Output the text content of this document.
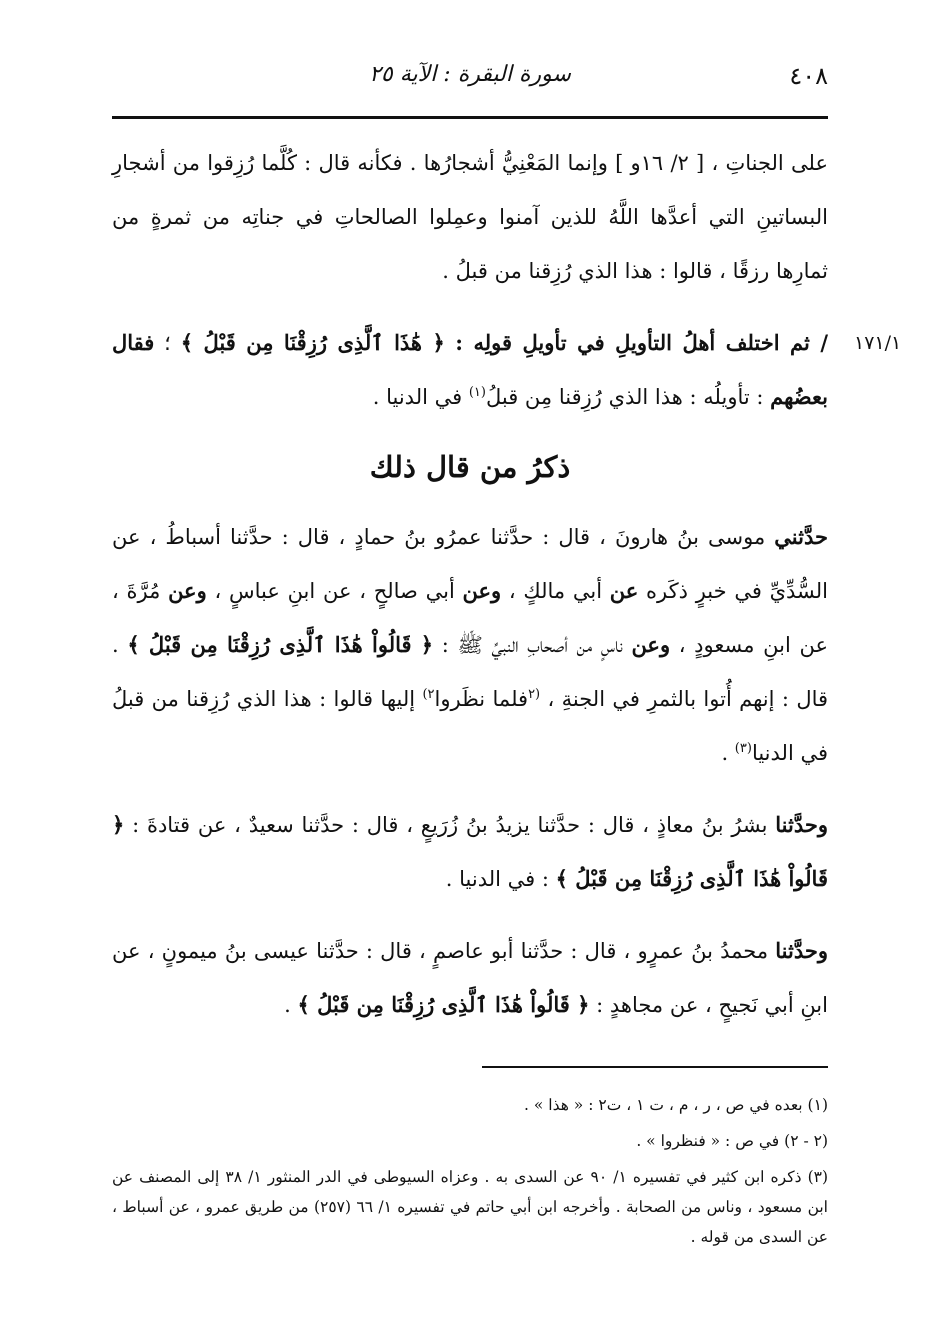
٤٠٨
سورة البقرة : الآية ٢٥

على الجناتِ ، [ ٢/ ١٦و ] وإنما المَعْنِيُّ أشجارُها . فكأنه قال : كُلَّما رُزِقوا من أشجارِ البساتينِ التي أعدَّها اللَّهُ للذين آمنوا وعمِلوا الصالحاتِ في جناتِه من ثمرةٍ من ثمارِها رزقًا ، قالوا : هذا الذي رُزِقنا من قبلُ .

١٧١/١
/ ثم اختلف أهلُ التأويلِ في تأويلِ قولِه : ﴿ هَٰذَا ٱلَّذِى رُزِقْنَا مِن قَبْلُ ﴾ ؛ فقال بعضُهم : تأويلُه : هذا الذي رُزِقنا مِن قبلُ$^{(١)}$ في الدنيا .

ذكرُ من قال ذلك

حدَّثني موسى بنُ هارونَ ، قال : حدَّثنا عمرُو بنُ حمادٍ ، قال : حدَّثنا أسباطُ ، عن السُّدِّيِّ في خبرٍ ذكَره عن أبي مالكٍ ، وعن أبي صالحٍ ، عن ابنِ عباسٍ ، وعن مُرَّةَ ، عن ابنِ مسعودٍ ، وعن ناسٍ من أصحابِ النبيِّ ﷺ : ﴿ قَالُواْ هَٰذَا ٱلَّذِى رُزِقْنَا مِن قَبْلُ ﴾ . قال : إنهم أُتوا بالثمرِ في الجنةِ ، $^{(٢}$فلما نظَروا$^{٢)}$ إليها قالوا : هذا الذي رُزِقنا من قبلُ في الدنيا$^{(٣)}$ .

وحدَّثنا بشرُ بنُ معاذٍ ، قال : حدَّثنا يزيدُ بنُ زُرَيعٍ ، قال : حدَّثنا سعيدٌ ، عن قتادةَ : ﴿ قَالُواْ هَٰذَا ٱلَّذِى رُزِقْنَا مِن قَبْلُ ﴾ : في الدنيا .

وحدَّثنا محمدُ بنُ عمرٍو ، قال : حدَّثنا أبو عاصمٍ ، قال : حدَّثنا عيسى بنُ ميمونٍ ، عن ابنِ أبي نَجيحٍ ، عن مجاهدٍ : ﴿ قَالُواْ هَٰذَا ٱلَّذِى رُزِقْنَا مِن قَبْلُ ﴾ .

(١) بعده في ص ، ر ، م ، ت ١ ، ت٢ : « هذا » .

(٢ - ٢) في ص : « فنظروا » .

(٣) ذكره ابن كثير في تفسيره ١/ ٩٠ عن السدى به . وعزاه السيوطى في الدر المنثور ١/ ٣٨ إلى المصنف عن ابن مسعود ، وناس من الصحابة . وأخرجه ابن أبي حاتم في تفسيره ١/ ٦٦ (٢٥٧) من طريق عمرو ، عن أسباط ، عن السدى من قوله .
